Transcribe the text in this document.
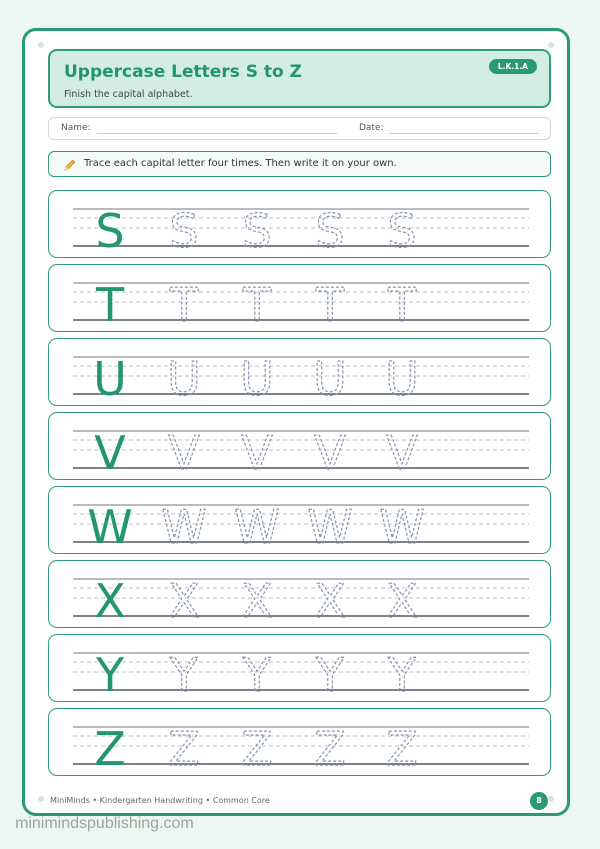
Uppercase Letters S to Z
Finish the capital alphabet.
L.K.1.A
Name:	Date:
Trace each capital letter four times. Then write it on your own.
S S S S S
T T T T T
U U U U U
V V V V V
W W W W W
X X X X X
Y Y Y Y Y
Z Z Z Z Z
MiniMinds • Kindergarten Handwriting • Common Core	8
minimindspublishing.com
